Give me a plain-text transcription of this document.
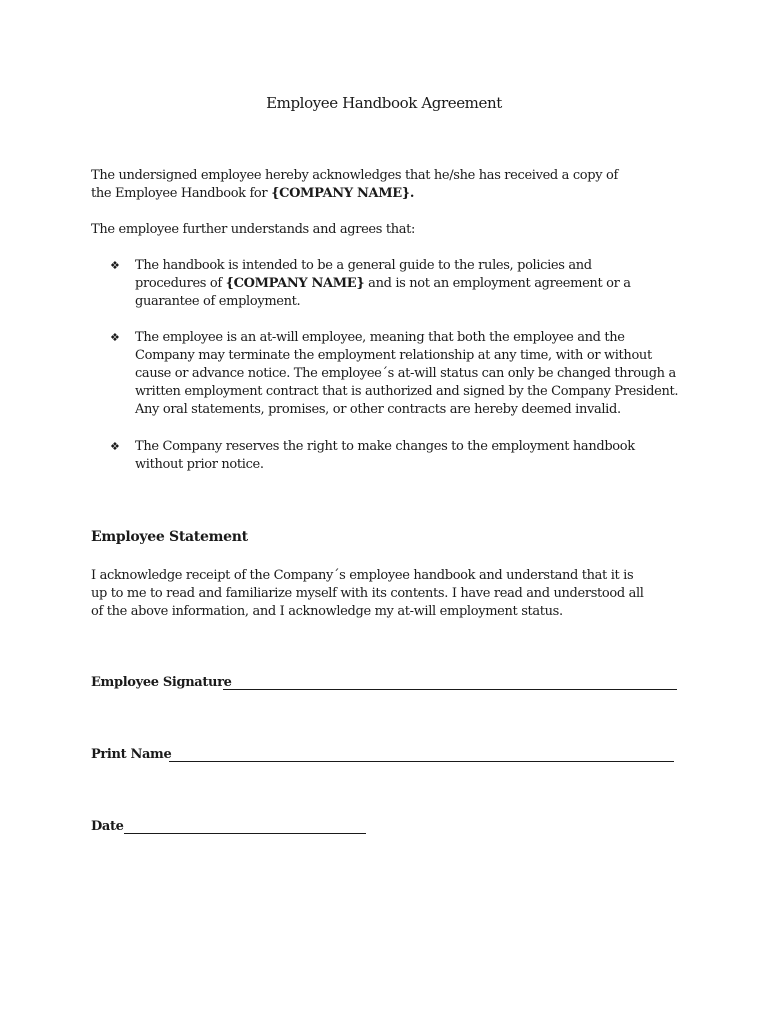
Employee Handbook Agreement

The undersigned employee hereby acknowledges that he/she has received a copy of the Employee Handbook for {COMPANY NAME}.

The employee further understands and agrees that:

❖	The handbook is intended to be a general guide to the rules, policies and procedures of {COMPANY NAME} and is not an employment agreement or a guarantee of employment.

❖	The employee is an at-will employee, meaning that both the employee and the Company may terminate the employment relationship at any time, with or without cause or advance notice. The employee´s at-will status can only be changed through a written employment contract that is authorized and signed by the Company President. Any oral statements, promises, or other contracts are hereby deemed invalid.

❖	The Company reserves the right to make changes to the employment handbook without prior notice.

Employee Statement

I acknowledge receipt of the Company´s employee handbook and understand that it is up to me to read and familiarize myself with its contents. I have read and understood all of the above information, and I acknowledge my at-will employment status.

Employee Signature
Print Name
Date
